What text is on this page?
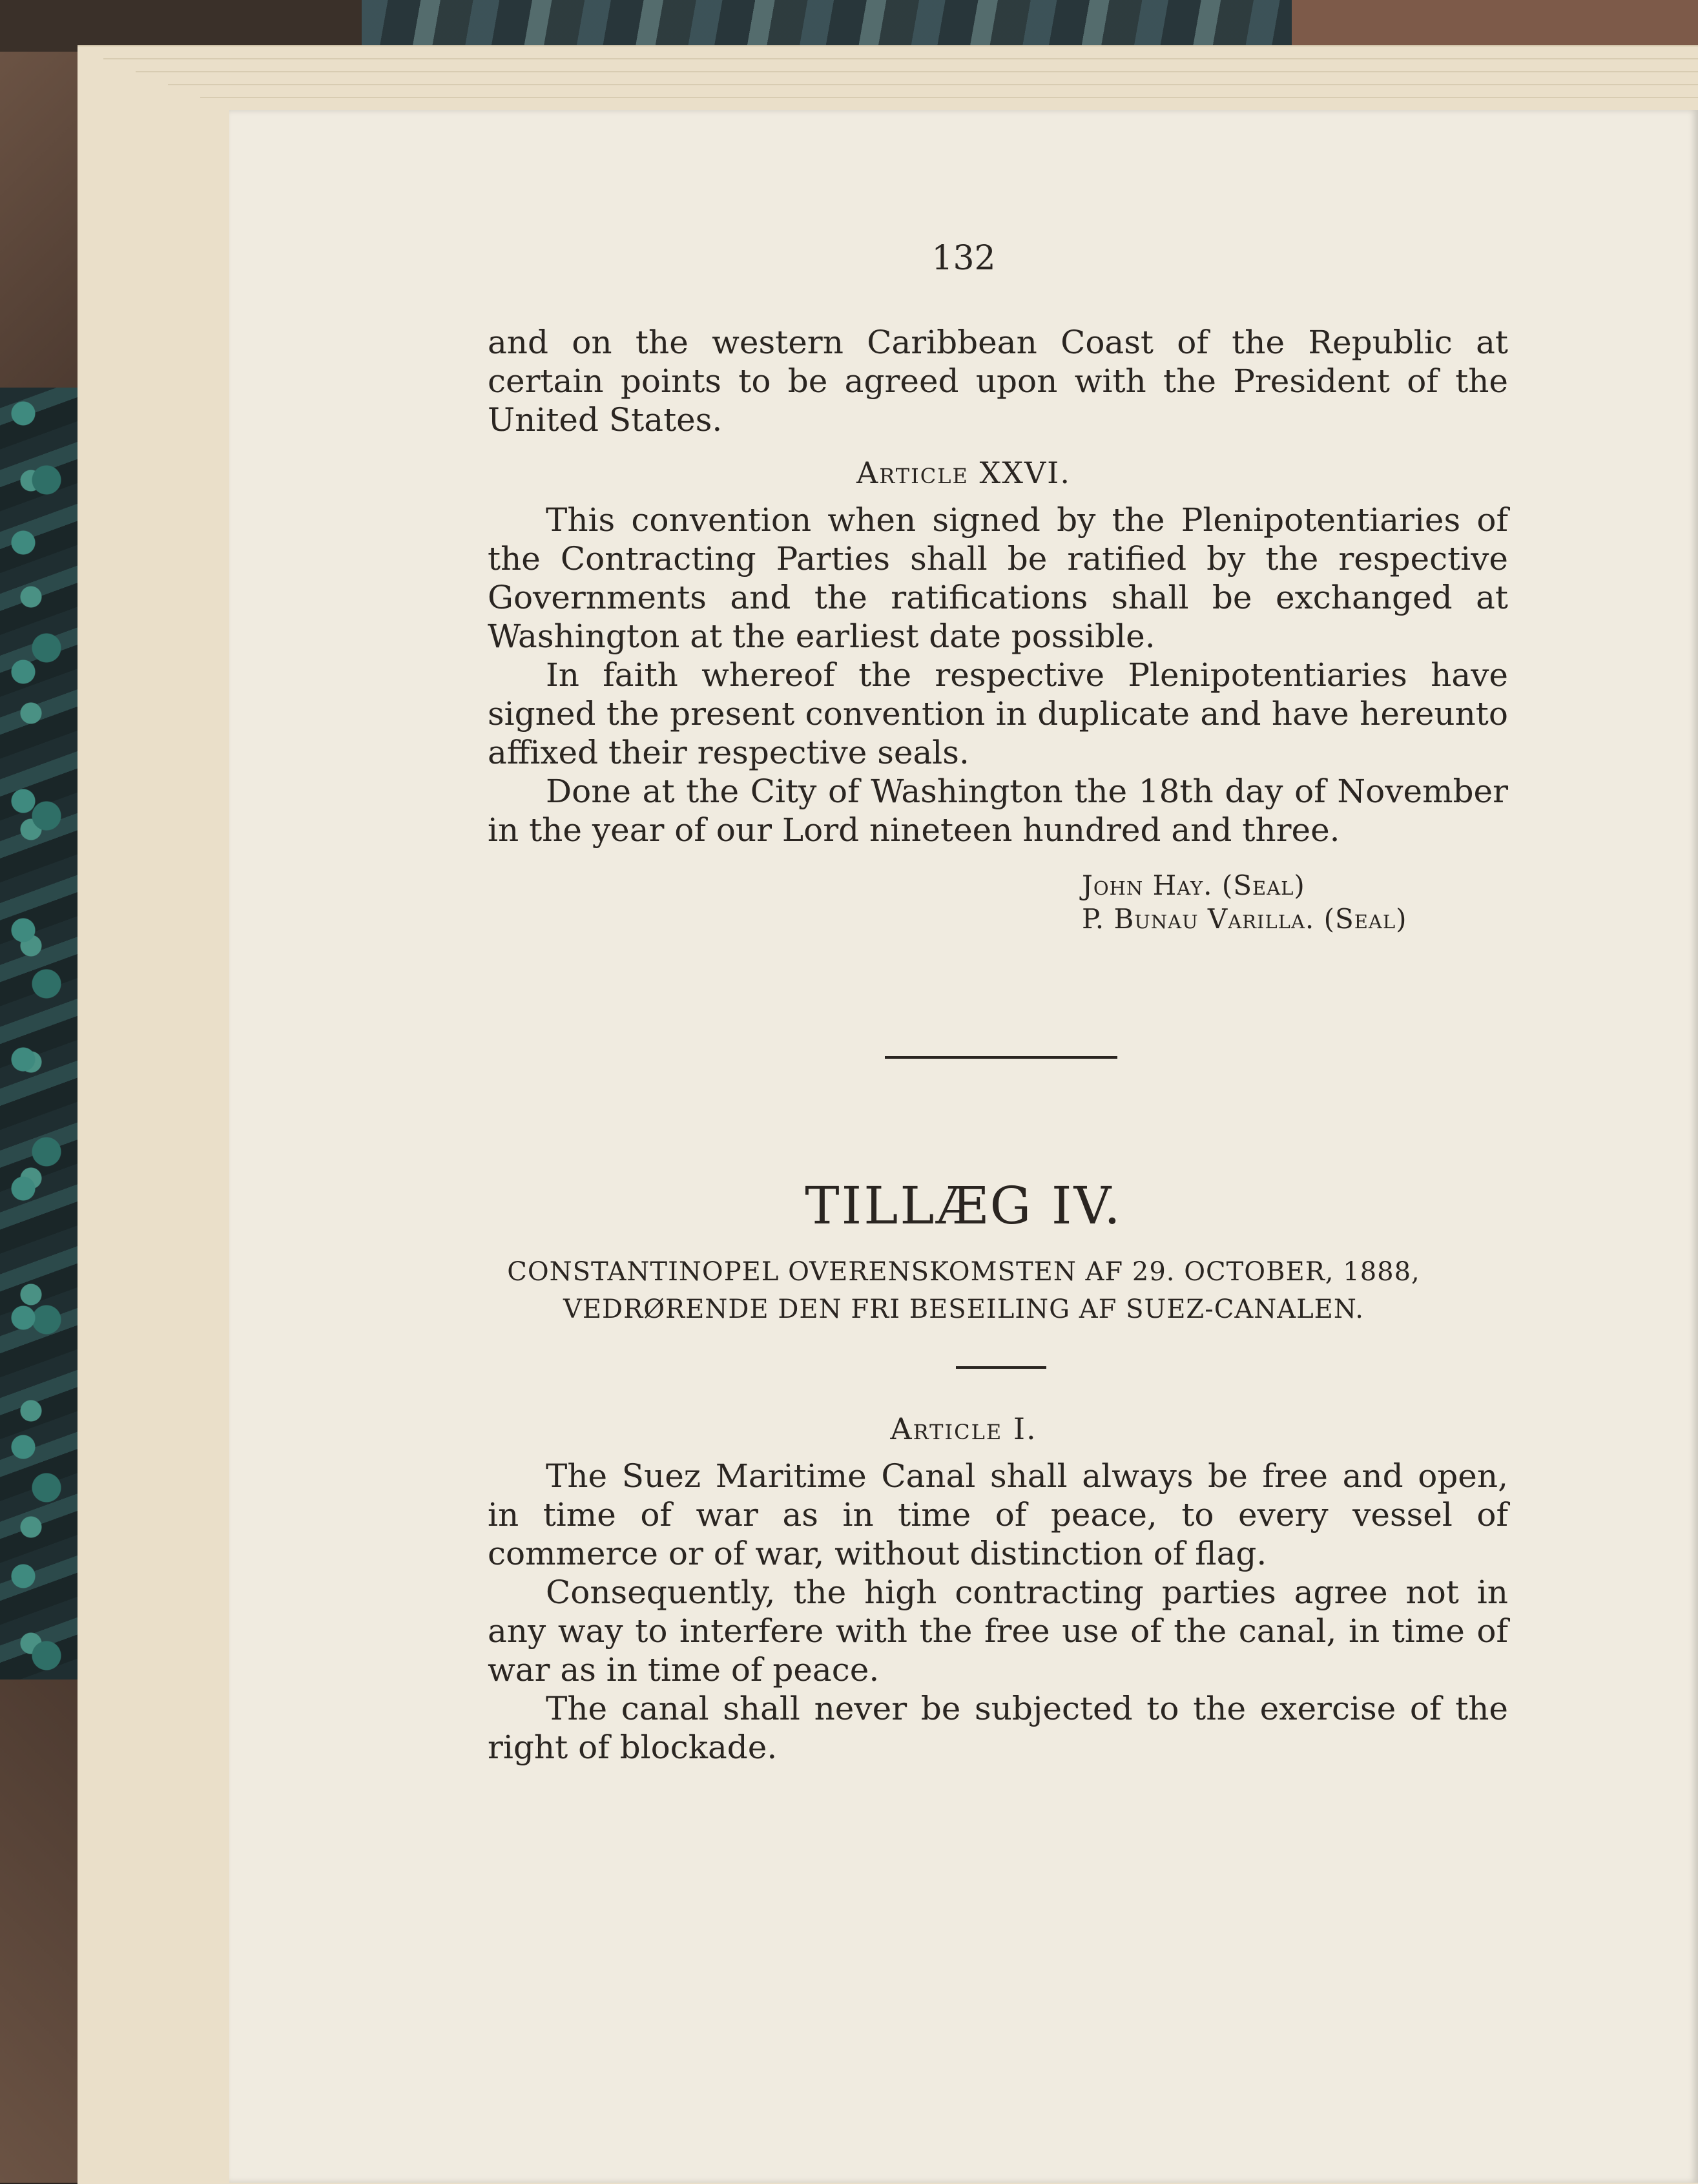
132

and on the western Caribbean Coast of the Republic at certain points to be agreed upon with the President of the United States.

Article XXVI.

This convention when signed by the Plenipotentiaries of the Contracting Parties shall be ratified by the respective Governments and the ratifications shall be exchanged at Washington at the earliest date possible.

In faith whereof the respective Plenipotentiaries have signed the present convention in duplicate and have hereunto affixed their respective seals.

Done at the City of Washington the 18th day of November in the year of our Lord nineteen hundred and three.

John Hay. (Seal)
P. Bunau Varilla. (Seal)
TILLÆG IV.
CONSTANTINOPEL OVERENSKOMSTEN AF 29. OCTOBER, 1888,
VEDRØRENDE DEN FRI BESEILING AF SUEZ-CANALEN.
Article I.

The Suez Maritime Canal shall always be free and open, in time of war as in time of peace, to every vessel of commerce or of war, without distinction of flag.

Consequently, the high contracting parties agree not in any way to interfere with the free use of the canal, in time of war as in time of peace.

The canal shall never be subjected to the exercise of the right of blockade.
